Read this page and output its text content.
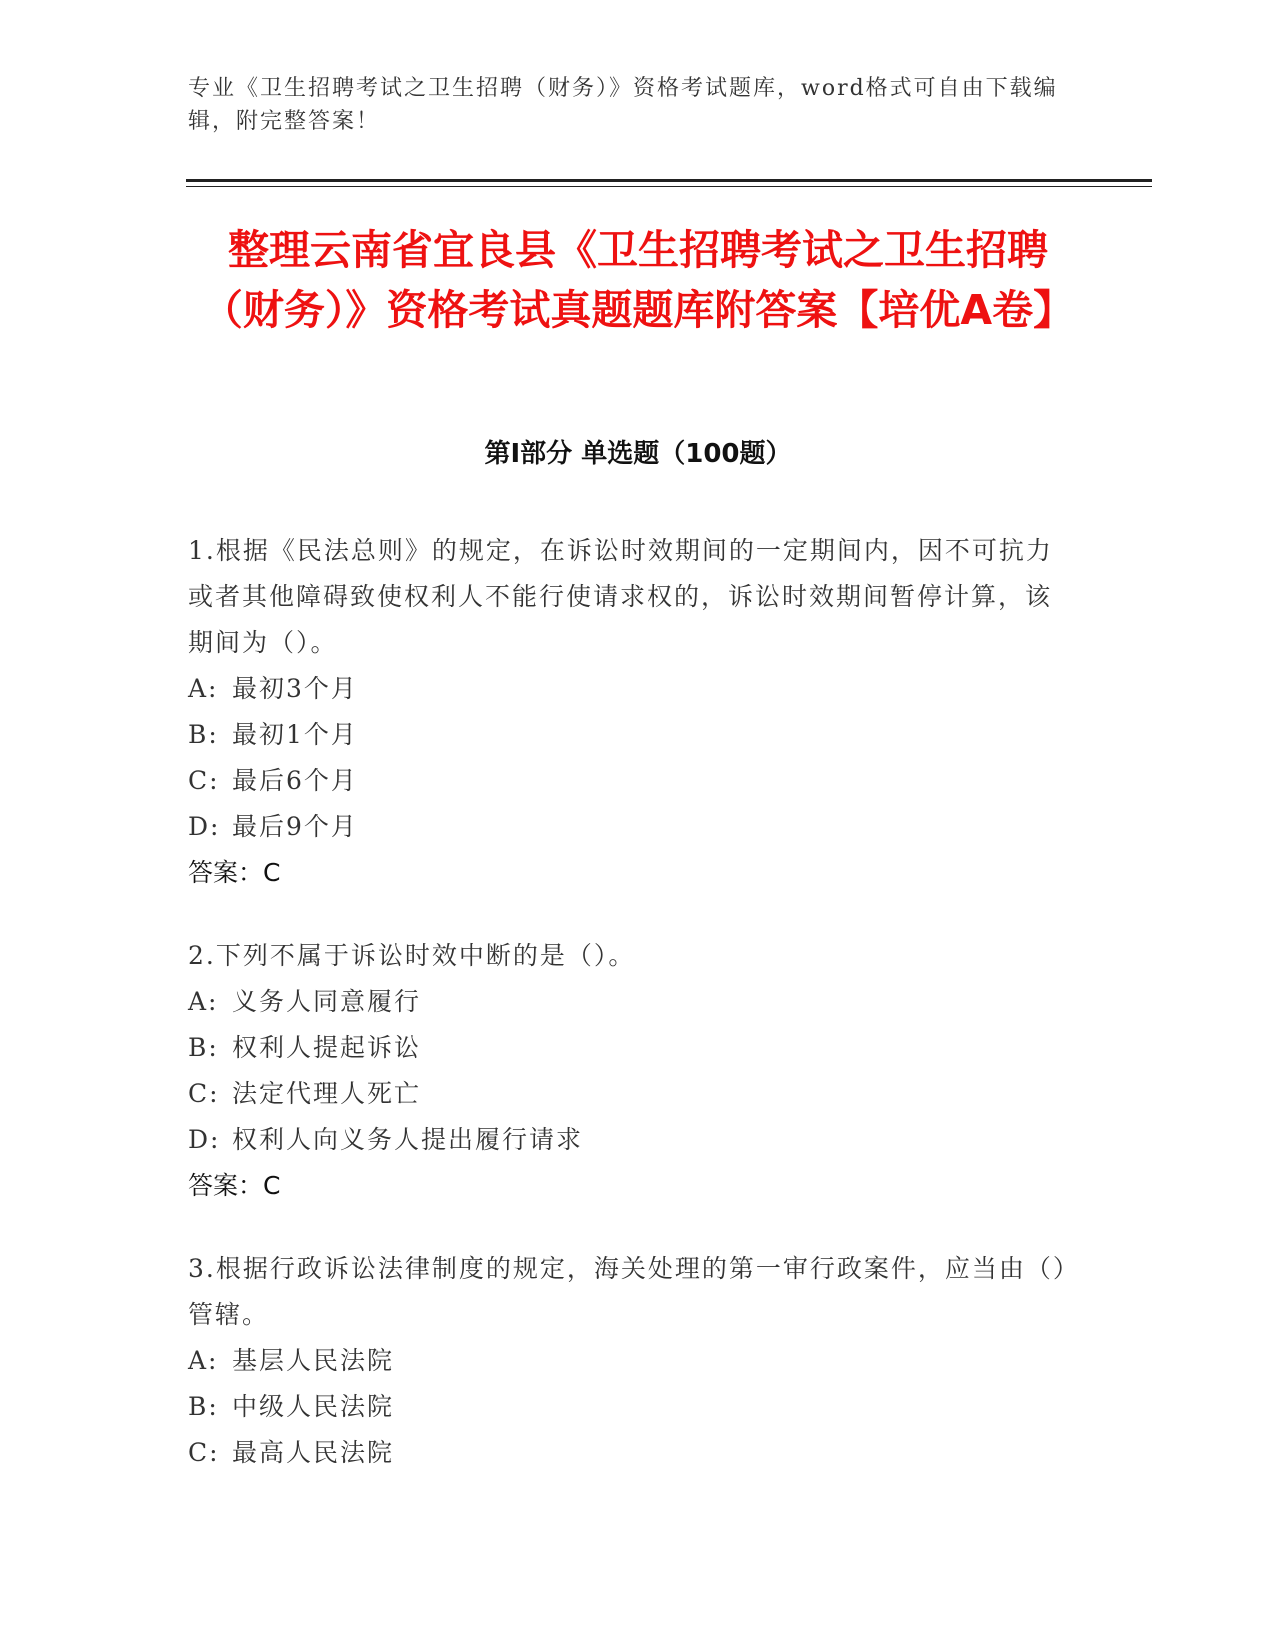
专业《卫生招聘考试之卫生招聘（财务）》资格考试题库，word格式可自由下载编辑，附完整答案！
整理云南省宜良县《卫生招聘考试之卫生招聘（财务）》资格考试真题题库附答案【培优A卷】
第I部分 单选题（100题）
1.根据《民法总则》的规定，在诉讼时效期间的一定期间内，因不可抗力或者其他障碍致使权利人不能行使请求权的，诉讼时效期间暂停计算，该期间为（）。
A: 最初3个月
B: 最初1个月
C: 最后6个月
D: 最后9个月
答案：C
2.下列不属于诉讼时效中断的是（）。
A: 义务人同意履行
B: 权利人提起诉讼
C: 法定代理人死亡
D: 权利人向义务人提出履行请求
答案：C
3.根据行政诉讼法律制度的规定，海关处理的第一审行政案件，应当由（）管辖。
A: 基层人民法院
B: 中级人民法院
C: 最高人民法院
